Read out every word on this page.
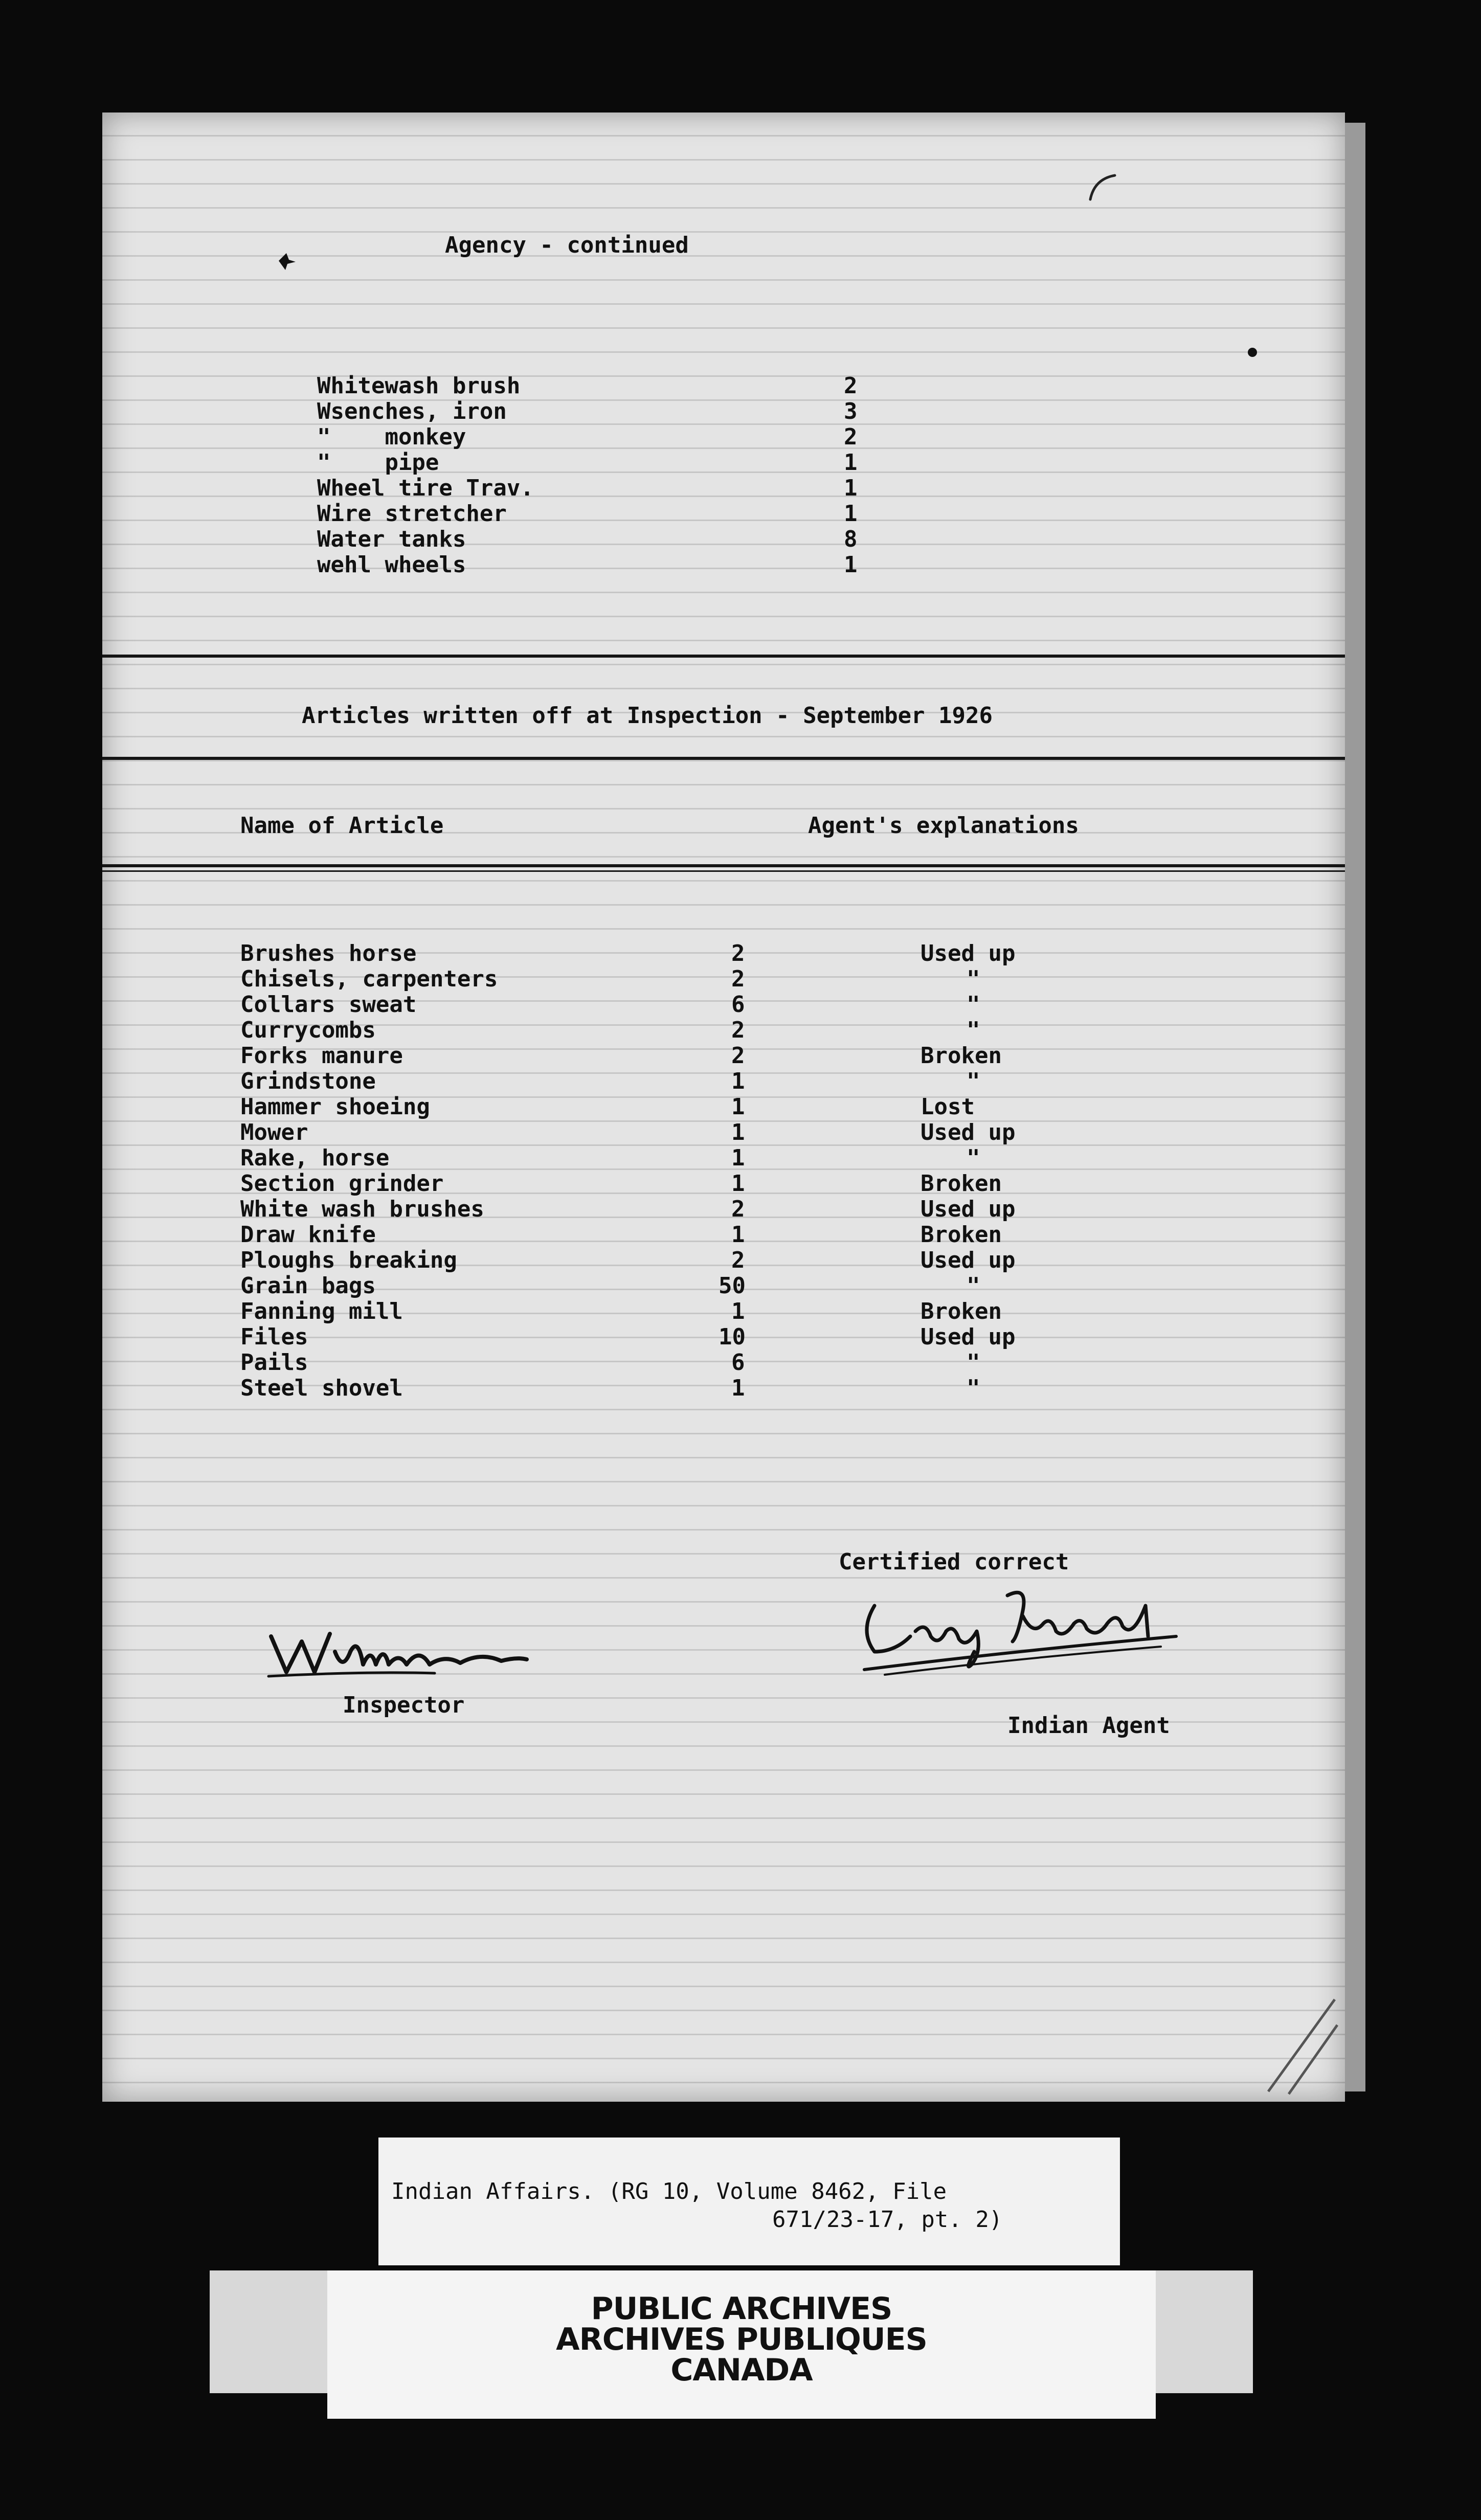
Agency - continued
Whitewash brush	2
Wsenches, iron	3
"    monkey	2
"    pipe	1
Wheel tire Trav.	1
Wire stretcher	1
Water tanks	8
wehl wheels	1
Articles written off at Inspection - September 1926
Name of Article	Agent's explanations
Brushes horse	2	Used up
Chisels, carpenters	2	"
Collars sweat	6	"
Currycombs	2	"
Forks manure	2	Broken
Grindstone	1	"
Hammer shoeing	1	Lost
Mower	1	Used up
Rake, horse	1	"
Section grinder	1	Broken
White wash brushes	2	Used up
Draw knife	1	Broken
Ploughs breaking	2	Used up
Grain bags	50	"
Fanning mill	1	Broken
Files	10	Used up
Pails	6	"
Steel shovel	1	"
Certified correct
Inspector
Indian Agent
Indian Affairs. (RG 10, Volume 8462, File
671/23-17, pt. 2)
PUBLIC ARCHIVES
ARCHIVES PUBLIQUES
CANADA
